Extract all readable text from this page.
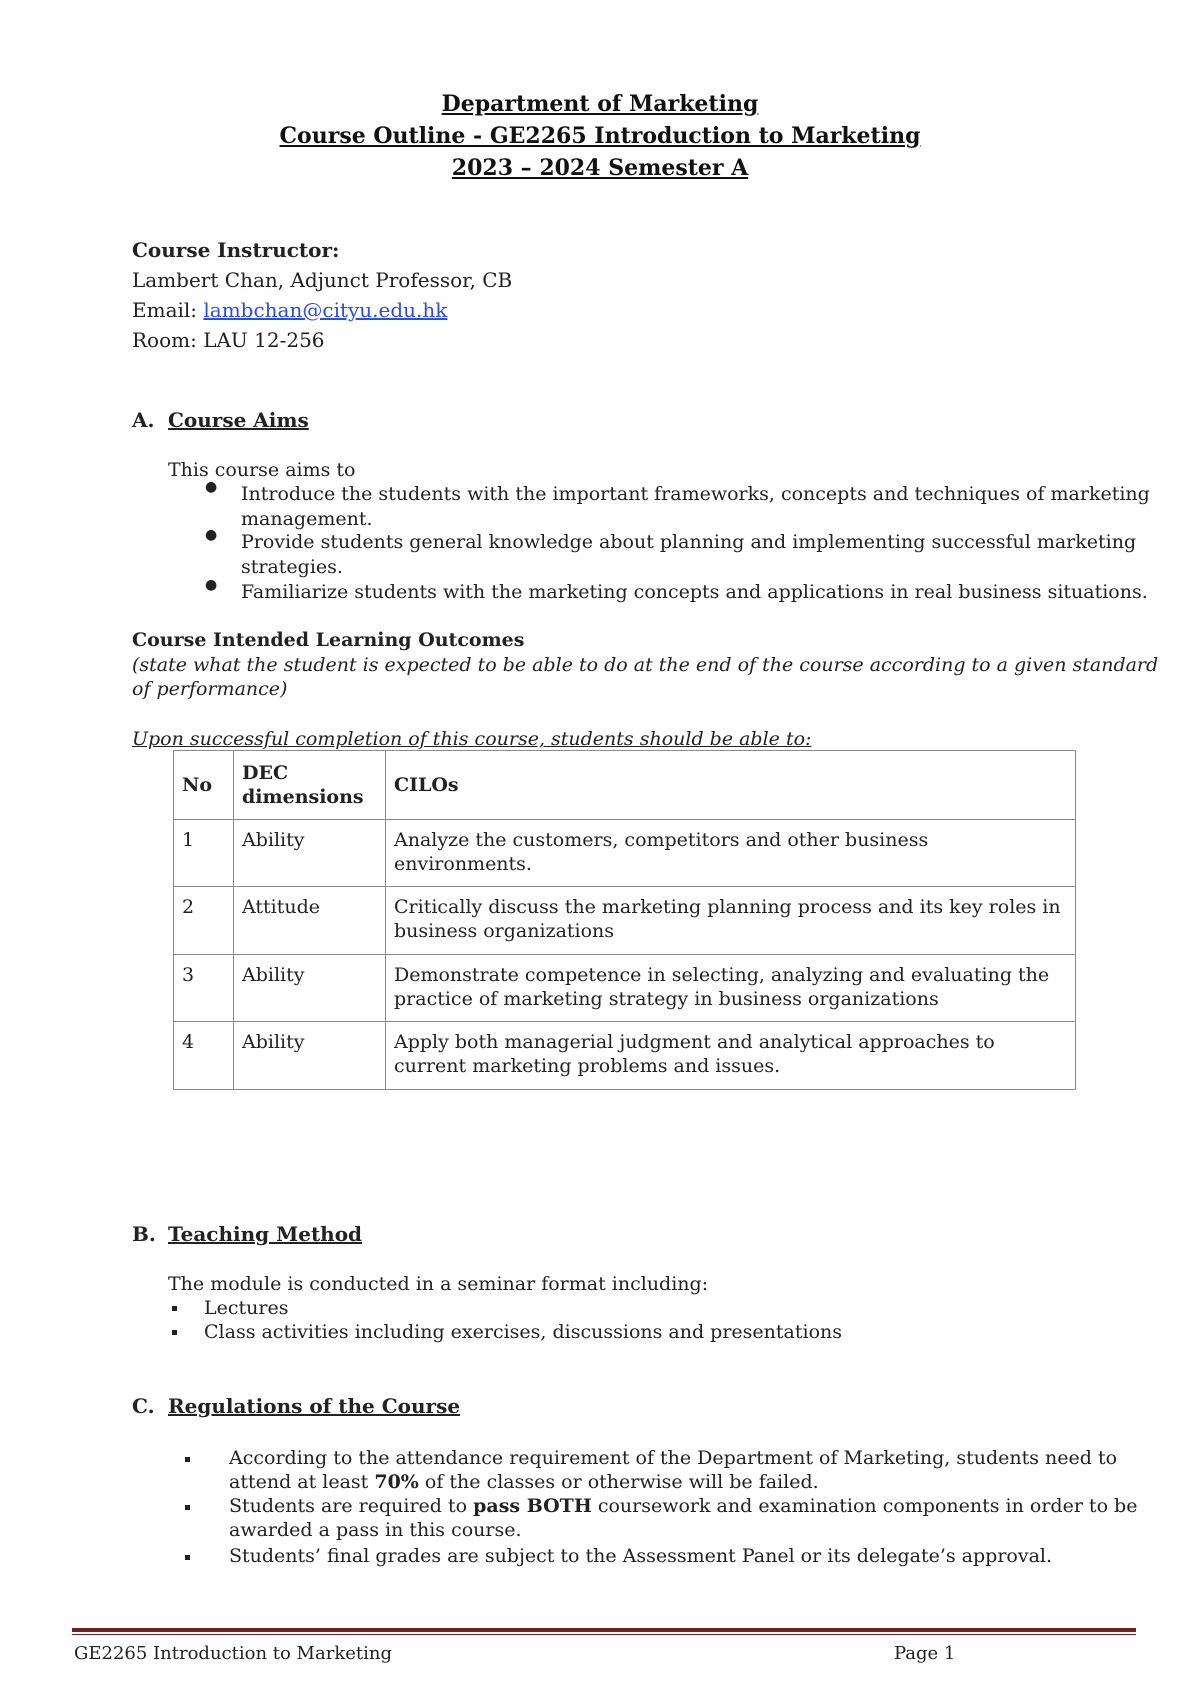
Department of Marketing
Course Outline - GE2265 Introduction to Marketing
2023 – 2024 Semester A
Course Instructor:
Lambert Chan, Adjunct Professor, CB
Email: lambchan@cityu.edu.hk
Room: LAU 12-256
A. Course Aims
This course aims to
● Introduce the students with the important frameworks, concepts and techniques of marketing
management.
● Provide students general knowledge about planning and implementing successful marketing
strategies.
● Familiarize students with the marketing concepts and applications in real business situations.
Course Intended Learning Outcomes
(state what the student is expected to be able to do at the end of the course according to a given standard
of performance)
Upon successful completion of this course, students should be able to:
No	DEC dimensions	CILOs
1	Ability	Analyze the customers, competitors and other business environments.
2	Attitude	Critically discuss the marketing planning process and its key roles in business organizations
3	Ability	Demonstrate competence in selecting, analyzing and evaluating the practice of marketing strategy in business organizations
4	Ability	Apply both managerial judgment and analytical approaches to current marketing problems and issues.
B. Teaching Method
The module is conducted in a seminar format including:
Lectures
Class activities including exercises, discussions and presentations
C. Regulations of the Course
According to the attendance requirement of the Department of Marketing, students need to
attend at least 70% of the classes or otherwise will be failed.
Students are required to pass BOTH coursework and examination components in order to be
awarded a pass in this course.
Students’ final grades are subject to the Assessment Panel or its delegate’s approval.
GE2265 Introduction to Marketing	Page 1
